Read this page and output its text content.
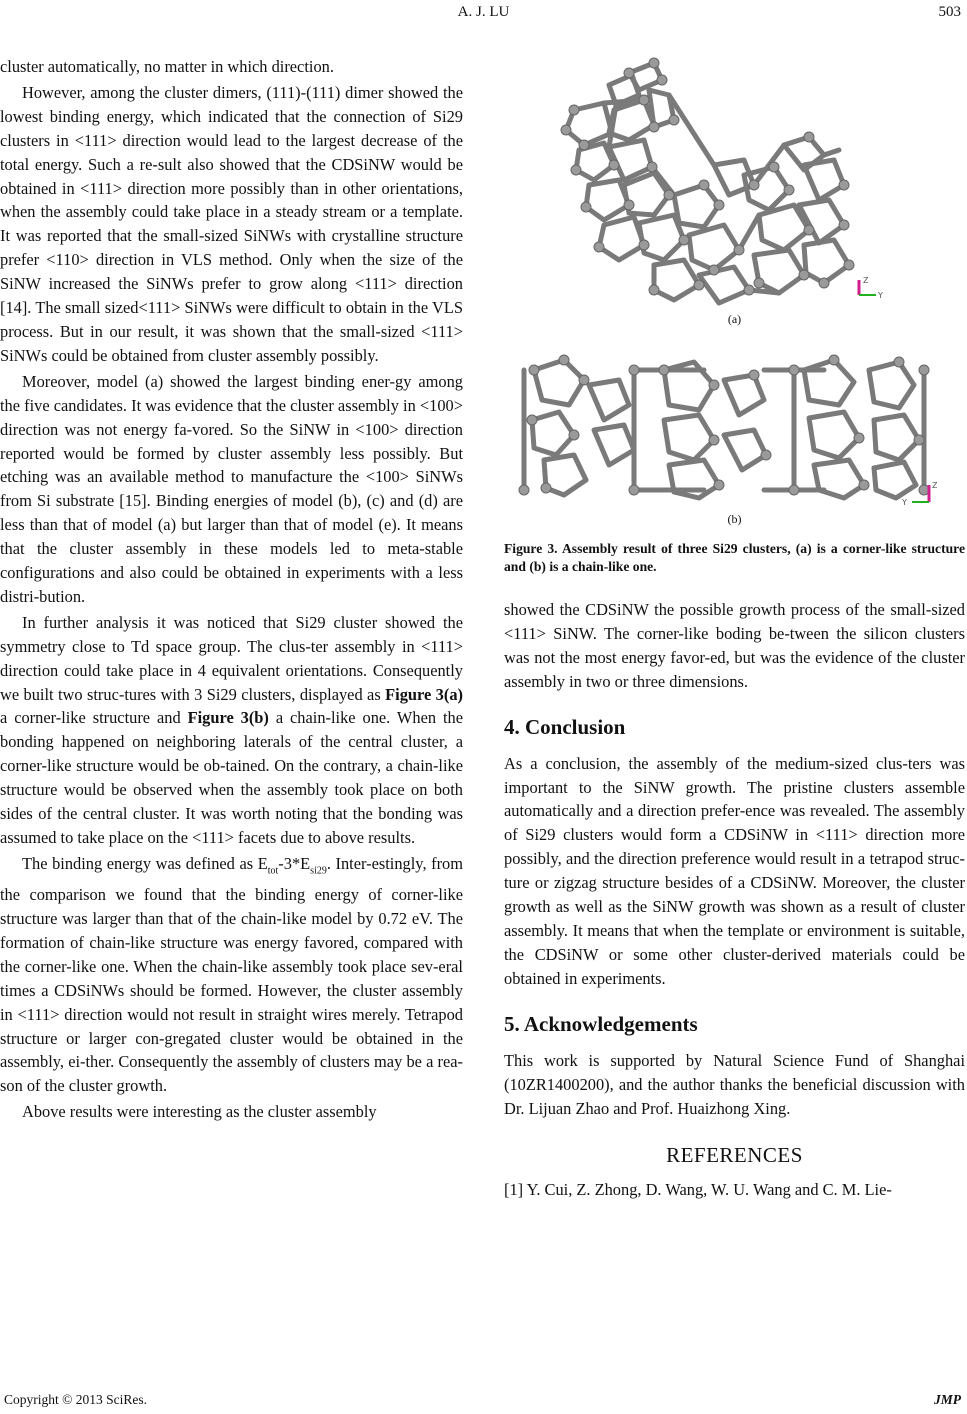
A. J. LU	503

cluster automatically, no matter in which direction.

However, among the cluster dimers, (111)-(111) dimer showed the lowest binding energy, which indicated that the connection of Si29 clusters in <111> direction would lead to the largest decrease of the total energy. Such a re-sult also showed that the CDSiNW would be obtained in <111> direction more possibly than in other orientations, when the assembly could take place in a steady stream or a template. It was reported that the small-sized SiNWs with crystalline structure prefer <110> direction in VLS method. Only when the size of the SiNW increased the SiNWs prefer to grow along <111> direction [14]. The small sized<111> SiNWs were difficult to obtain in the VLS process. But in our result, it was shown that the small-sized <111> SiNWs could be obtained from cluster assembly possibly.

Moreover, model (a) showed the largest binding ener-gy among the five candidates. It was evidence that the cluster assembly in <100> direction was not energy fa-vored. So the SiNW in <100> direction reported would be formed by cluster assembly less possibly. But etching was an available method to manufacture the <100> SiNWs from Si substrate [15]. Binding energies of model (b), (c) and (d) are less than that of model (a) but larger than that of model (e). It means that the cluster assembly in these models led to meta-stable configurations and also could be obtained in experiments with a less distri-bution.

In further analysis it was noticed that Si29 cluster showed the symmetry close to Td space group. The clus-ter assembly in <111> direction could take place in 4 equivalent orientations. Consequently we built two struc-tures with 3 Si29 clusters, displayed as Figure 3(a) a corner-like structure and Figure 3(b) a chain-like one. When the bonding happened on neighboring laterals of the central cluster, a corner-like structure would be ob-tained. On the contrary, a chain-like structure would be observed when the assembly took place on both sides of the central cluster. It was worth noting that the bonding was assumed to take place on the <111> facets due to above results.

The binding energy was defined as $E_{tot}-3*E_{si29}$. Inter-estingly, from the comparison we found that the binding energy of corner-like structure was larger than that of the chain-like model by 0.72 eV. The formation of chain-like structure was energy favored, compared with the corner-like one. When the chain-like assembly took place sev-eral times a CDSiNWs should be formed. However, the cluster assembly in <111> direction would not result in straight wires merely. Tetrapod structure or larger con-gregated cluster would be obtained in the assembly, ei-ther. Consequently the assembly of clusters may be a rea-son of the cluster growth.

Above results were interesting as the cluster assembly

Z
Y
(a)
Z
Y
(b)

Figure 3. Assembly result of three Si29 clusters, (a) is a corner-like structure and (b) is a chain-like one.

showed the CDSiNW the possible growth process of the small-sized <111> SiNW. The corner-like boding be-tween the silicon clusters was not the most energy favor-ed, but was the evidence of the cluster assembly in two or three dimensions.

4. Conclusion

As a conclusion, the assembly of the medium-sized clus-ters was important to the SiNW growth. The pristine clusters assemble automatically and a direction prefer-ence was revealed. The assembly of Si29 clusters would form a CDSiNW in <111> direction more possibly, and the direction preference would result in a tetrapod struc-ture or zigzag structure besides of a CDSiNW. Moreover, the cluster growth as well as the SiNW growth was shown as a result of cluster assembly. It means that when the template or environment is suitable, the CDSiNW or some other cluster-derived materials could be obtained in experiments.

5. Acknowledgements

This work is supported by Natural Science Fund of Shanghai (10ZR1400200), and the author thanks the beneficial discussion with Dr. Lijuan Zhao and Prof. Huaizhong Xing.

REFERENCES

[1] Y. Cui, Z. Zhong, D. Wang, W. U. Wang and C. M. Lie-

Copyright © 2013 SciRes.	JMP
